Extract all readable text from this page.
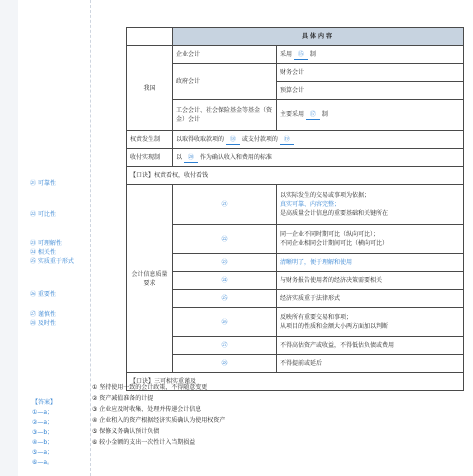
	具体内容	
我国	企业会计	采用 ⑮ 制
	政府会计	财务会计
		预算会计
	工会会计、社会保险基金等基金（资金）会计	主要采用 ⑰ 制

权责发生制	以取得收取款项的 ⑱ 或支付款项的 ⑲	
收付实现制	以 ⑳ 作为确认收入和费用的标准	
【口诀】权责看权，收付看钱		
会计信息质量要求	㉑	以实际发生的交易或事项为依据；
真实可靠、内容完整；
是高质量会计信息的重要基础和关键所在

	㉒	同一企业不同时期可比（纵向可比）；
不同企业相同会计期间可比（横向可比）

	㉓	清晰明了，便于理解和使用
	㉔	与财务报告使用者的经济决策需要相关
	㉕	经济实质重于法律形式
	㉖	反映所有重要交易和事项；
从项目的性质和金额大小两方面加以判断

	㉗	不得高估资产或收益，不得低估负债或费用
	㉘	不得提前或延后
【口诀】三可相实重谨及		
㉑ 可靠性
㉒ 可比性
㉓ 可理解性
㉔ 相关性
㉕ 实质重于形式
㉖ 重要性
㉗ 谨慎性
㉘ 及时性
【答案】
①—a；
②—a；
③—b；
④—b；
⑤—a；
⑥—a。
① 坚持使用一致的会计政策，不得随意变更
② 资产减值准备的计提
③ 企业应及时收集、处理并传递会计信息
④ 企业租入的资产根据经济实质确认为使用权资产
⑤ 保修义务确认预计负债
⑥ 较小金额的支出一次性计入当期损益
